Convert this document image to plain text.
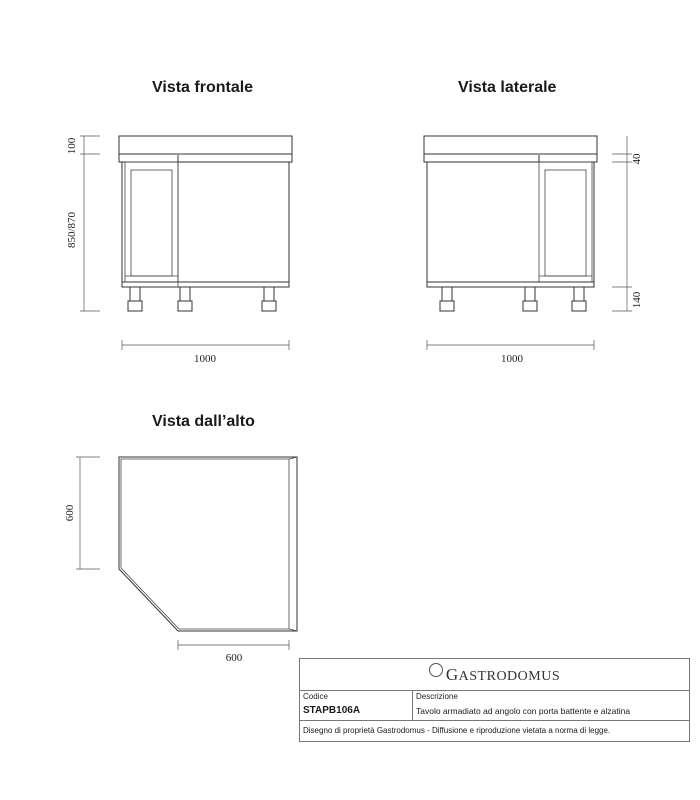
Vista frontale	Vista laterale
Vista dall’alto
100
850/870
1000
40
140
1000
600
600
GASTRODOMUS
Codice
STAPB106A
Descrizione
Tavolo armadiato ad angolo con porta battente e alzatina
Disegno di proprietà Gastrodomus - Diffusione e riproduzione vietata a norma di legge.
